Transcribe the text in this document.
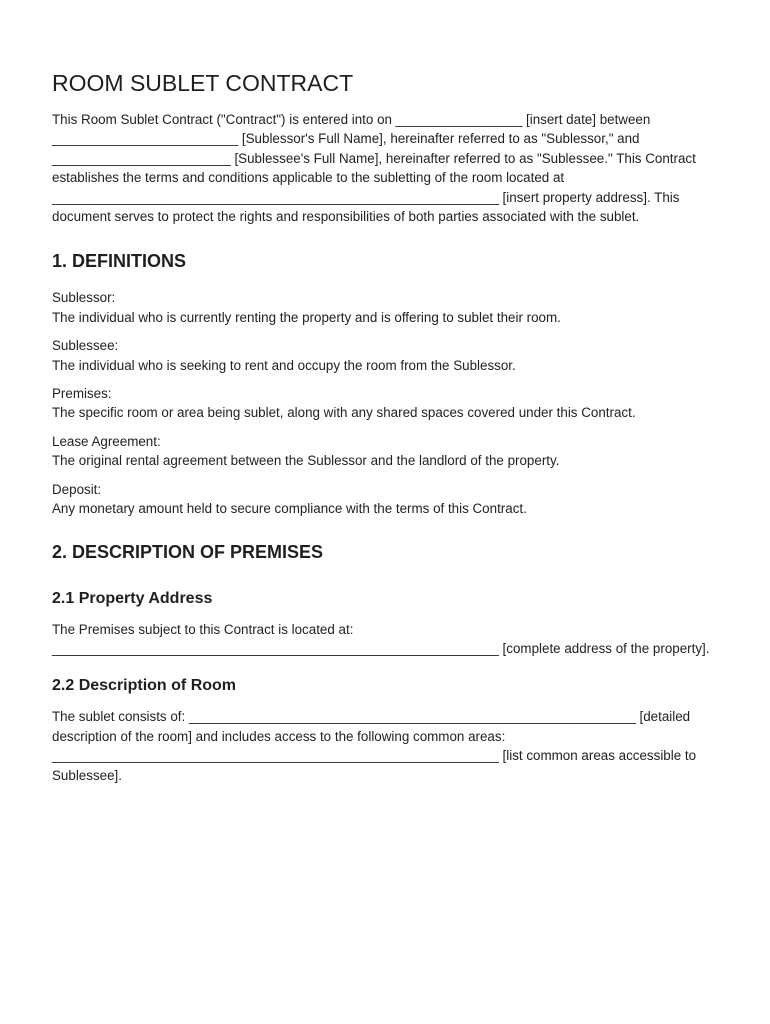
ROOM SUBLET CONTRACT

This Room Sublet Contract ("Contract") is entered into on _________________ [insert date] between _________________________ [Sublessor's Full Name], hereinafter referred to as "Sublessor," and ________________________ [Sublessee's Full Name], hereinafter referred to as "Sublessee." This Contract establishes the terms and conditions applicable to the subletting of the room located at ____________________________________________________________ [insert property address]. This document serves to protect the rights and responsibilities of both parties associated with the sublet.

1. DEFINITIONS

Sublessor:

The individual who is currently renting the property and is offering to sublet their room.

Sublessee:

The individual who is seeking to rent and occupy the room from the Sublessor.

Premises:

The specific room or area being sublet, along with any shared spaces covered under this Contract.

Lease Agreement:

The original rental agreement between the Sublessor and the landlord of the property.

Deposit:

Any monetary amount held to secure compliance with the terms of this Contract.

2. DESCRIPTION OF PREMISES
2.1 Property Address

The Premises subject to this Contract is located at: ____________________________________________________________ [complete address of the property].

2.2 Description of Room

The sublet consists of: ____________________________________________________________ [detailed description of the room] and includes access to the following common areas: ____________________________________________________________ [list common areas accessible to Sublessee].
